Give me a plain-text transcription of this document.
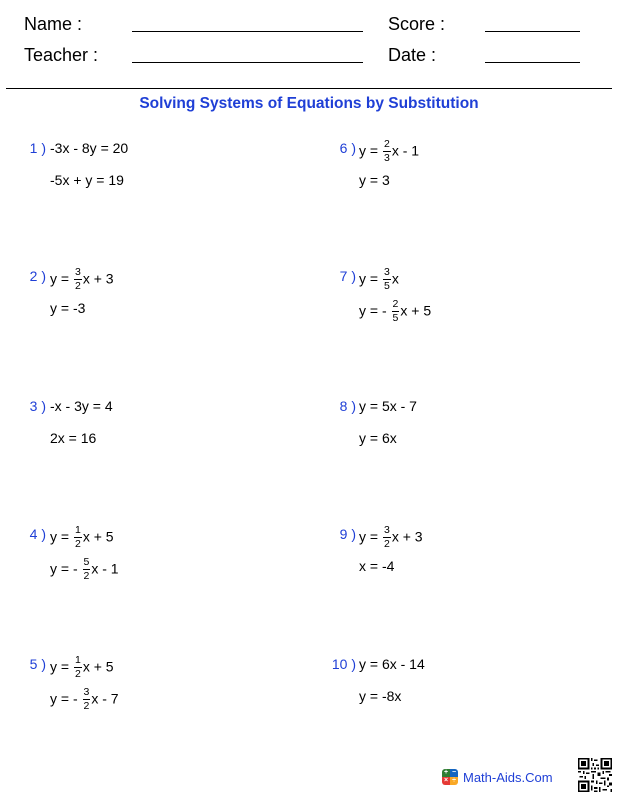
Name :	Score :
Teacher :	Date :
Solving Systems of Equations by Substitution
1 ) -3x - 8y = 20
-5x + y = 19
2 ) $y = \frac{3}{2}$ x + 3
y = -3
3 ) -x - 3y = 4
2x = 16
4 ) $y = \frac{1}{2}$ x + 5
y = - $\frac{5}{2}$ x - 1
5 ) $y = \frac{1}{2}$ x + 5
y = - $\frac{3}{2}$ x - 7
6 ) $y = \frac{2}{3}$ x - 1
y = 3
7 ) $y = \frac{3}{5}$ x
y = - $\frac{2}{5}$ x + 5
8 ) y = 5x - 7
y = 6x
9 ) $y = \frac{3}{2}$ x + 3
x = -4
10 ) y = 6x - 14
y = -8x
+ −
× ÷ Math-Aids.Com
